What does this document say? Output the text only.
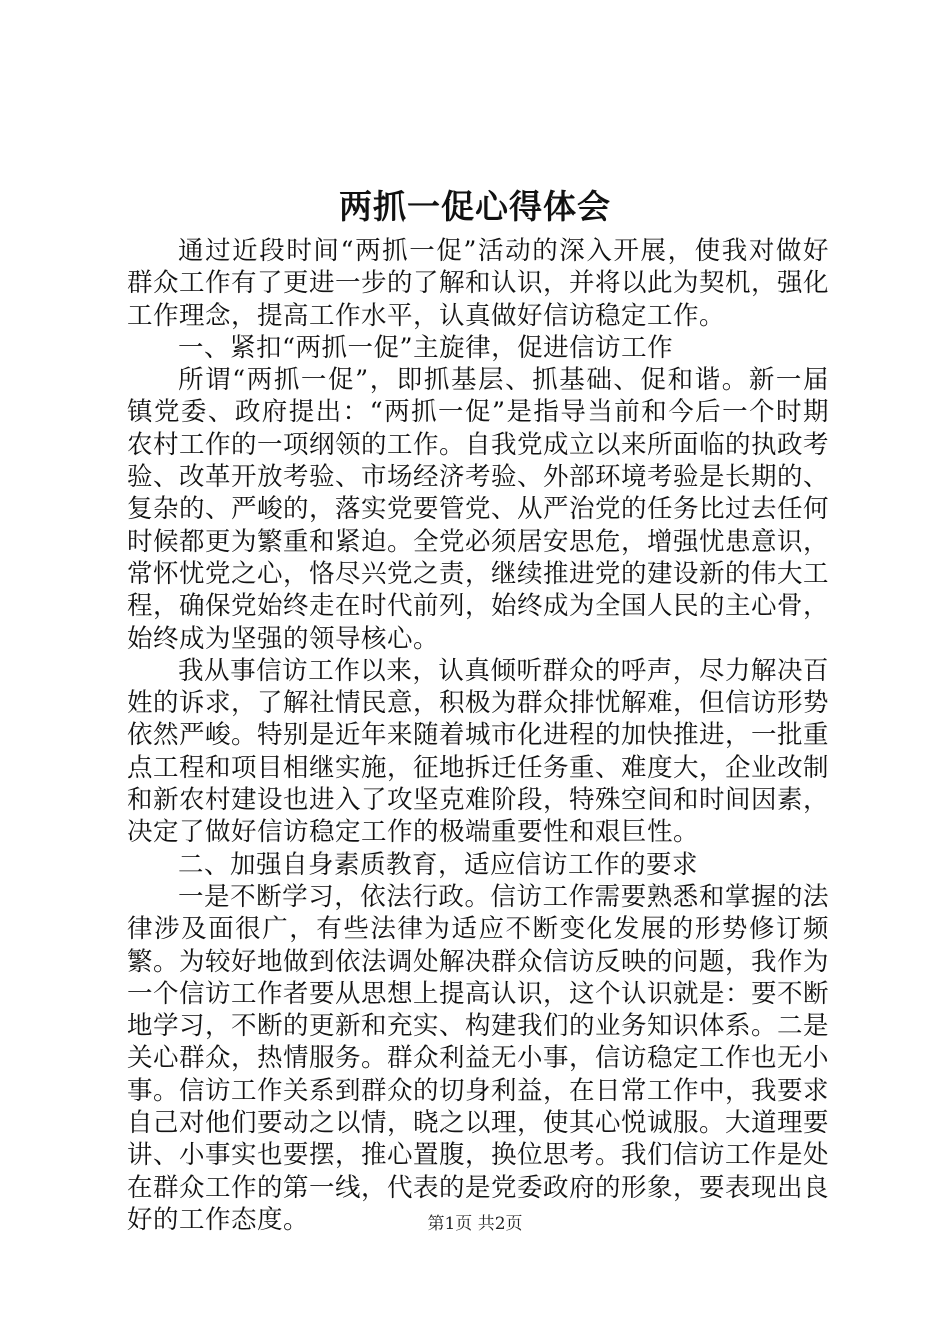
两抓一促心得体会

通过近段时间“两抓一促”活动的深入开展，使我对做好群众工作有了更进一步的了解和认识，并将以此为契机，强化工作理念，提高工作水平，认真做好信访稳定工作。

一、紧扣“两抓一促”主旋律，促进信访工作

所谓“两抓一促”，即抓基层、抓基础、促和谐。新一届镇党委、政府提出：“两抓一促”是指导当前和今后一个时期农村工作的一项纲领的工作。自我党成立以来所面临的执政考验、改革开放考验、市场经济考验、外部环境考验是长期的、复杂的、严峻的，落实党要管党、从严治党的任务比过去任何时候都更为繁重和紧迫。全党必须居安思危，增强忧患意识，常怀忧党之心，恪尽兴党之责，继续推进党的建设新的伟大工程，确保党始终走在时代前列，始终成为全国人民的主心骨，始终成为坚强的领导核心。

我从事信访工作以来，认真倾听群众的呼声，尽力解决百姓的诉求，了解社情民意，积极为群众排忧解难，但信访形势依然严峻。特别是近年来随着城市化进程的加快推进，一批重点工程和项目相继实施，征地拆迁任务重、难度大，企业改制和新农村建设也进入了攻坚克难阶段，特殊空间和时间因素，决定了做好信访稳定工作的极端重要性和艰巨性。

二、加强自身素质教育，适应信访工作的要求

一是不断学习，依法行政。信访工作需要熟悉和掌握的法律涉及面很广，有些法律为适应不断变化发展的形势修订频繁。为较好地做到依法调处解决群众信访反映的问题，我作为一个信访工作者要从思想上提高认识，这个认识就是：要不断地学习，不断的更新和充实、构建我们的业务知识体系。二是关心群众，热情服务。群众利益无小事，信访稳定工作也无小事。信访工作关系到群众的切身利益，在日常工作中，我要求自己对他们要动之以情，晓之以理，使其心悦诚服。大道理要讲、小事实也要摆，推心置腹，换位思考。我们信访工作是处在群众工作的第一线，代表的是党委政府的形象，要表现出良好的工作态度。	第1页 共2页
